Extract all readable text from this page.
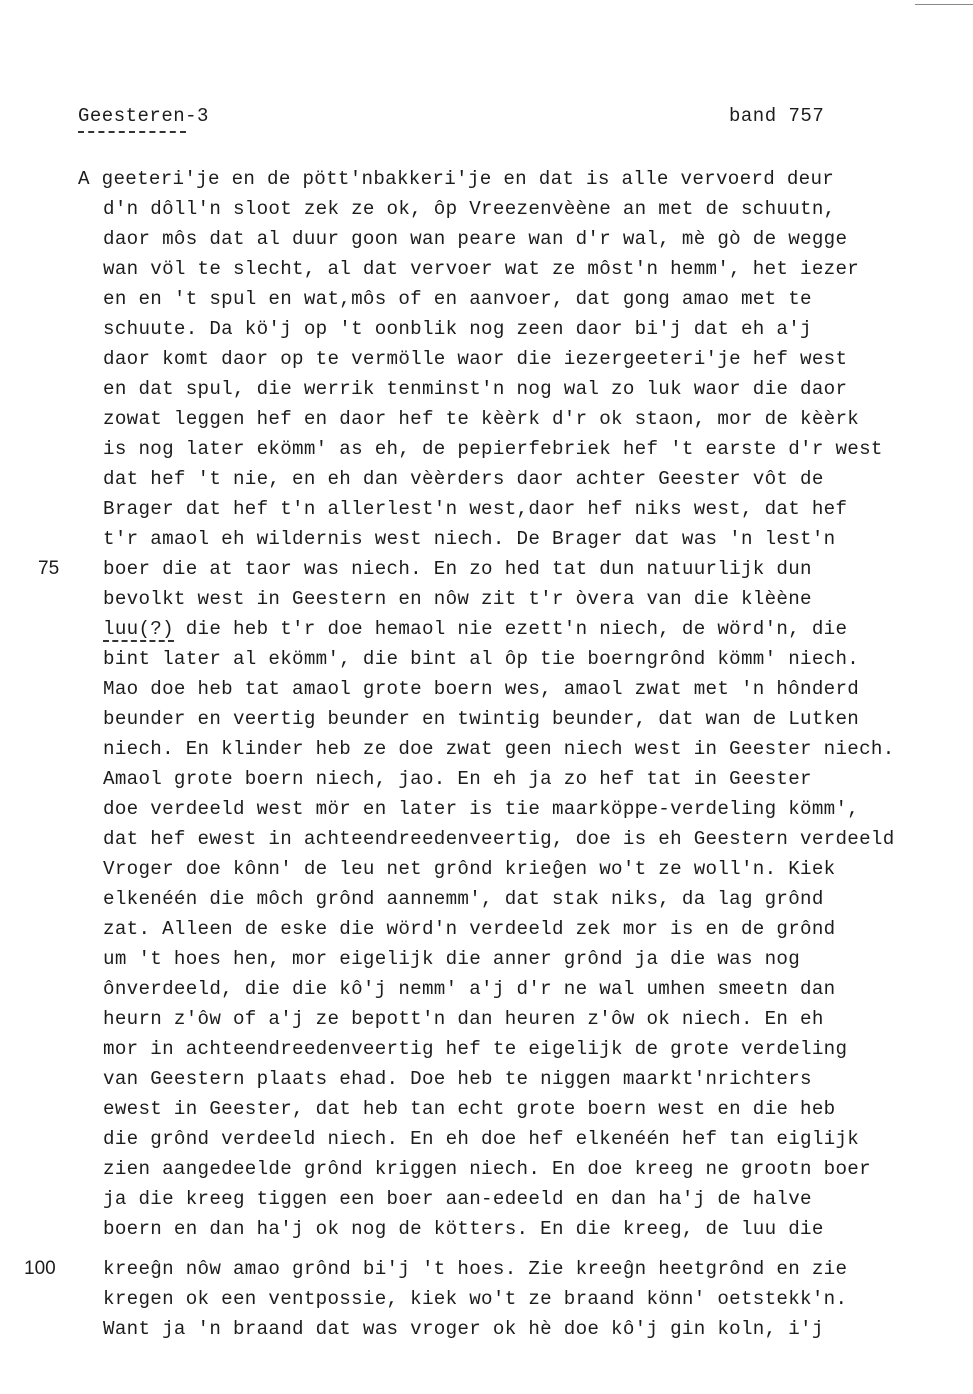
Geesteren-3	band 757
A geeteri'je en de pött'nbakkeri'je en dat is alle vervoerd deur
d'n dôll'n sloot zek ze ok, ôp Vreezenvèène an met de schuutn,
daor môs dat al duur goon wan peare wan d'r wal, mè gò de wegge
wan völ te slecht, al dat vervoer wat ze môst'n hemm', het iezer
en en 't spul en wat,môs of en aanvoer, dat gong amao met te
schuute. Da kö'j op 't oonblik nog zeen daor bi'j dat eh a'j
daor komt daor op te vermölle waor die iezergeeteri'je hef west
en dat spul, die werrik tenminst'n nog wal zo luk waor die daor
zowat leggen hef en daor hef te kèèrk d'r ok staon, mor de kèèrk
is nog later ekömm' as eh, de pepierfebriek hef 't earste d'r west
dat hef 't nie, en eh dan vèèrders daor achter Geester vôt de
Brager dat hef t'n allerlest'n west,daor hef niks west, dat hef
t'r amaol eh wildernis west niech. De Brager dat was 'n lest'n
75 boer die at taor was niech. En zo hed tat dun natuurlijk dun
bevolkt west in Geestern en nôw zit t'r òvera van die klèène
luu(?) die heb t'r doe hemaol nie ezett'n niech, de wörd'n, die
bint later al ekömm', die bint al ôp tie boerngrônd kömm' niech.
Mao doe heb tat amaol grote boern wes, amaol zwat met 'n hônderd
beunder en veertig beunder en twintig beunder, dat wan de Lutken
niech. En klinder heb ze doe zwat geen niech west in Geester niech.
Amaol grote boern niech, jao. En eh ja zo hef tat in Geester
doe verdeeld west mör en later is tie maarköppe-verdeling kömm',
dat hef ewest in achteendreedenveertig, doe is eh Geestern verdeeld
Vroger doe kônn' de leu net grônd krieĝen wo't ze woll'n. Kiek
elkenéén die môch grônd aannemm', dat stak niks, da lag grônd
zat. Alleen de eske die wörd'n verdeeld zek mor is en de grônd
um 't hoes hen, mor eigelijk die anner grônd ja die was nog
ônverdeeld, die die kô'j nemm' a'j d'r ne wal umhen smeetn dan
heurn z'ôw of a'j ze bepott'n dan heuren z'ôw ok niech. En eh
mor in achteendreedenveertig hef te eigelijk de grote verdeling
van Geestern plaats ehad. Doe heb te niggen maarkt'nrichters
ewest in Geester, dat heb tan echt grote boern west en die heb
die grônd verdeeld niech. En eh doe hef elkenéén hef tan eiglijk
zien aangedeelde grônd kriggen niech. En doe kreeg ne grootn boer
ja die kreeg tiggen een boer aan-edeeld en dan ha'j de halve
boern en dan ha'j ok nog de kötters. En die kreeg, de luu die
100 kreeĝn nôw amao grônd bi'j 't hoes. Zie kreeĝn heetgrônd en zie
kregen ok een ventpossie, kiek wo't ze braand könn' oetstekk'n.
Want ja 'n braand dat was vroger ok hè doe kô'j gin koln, i'j
